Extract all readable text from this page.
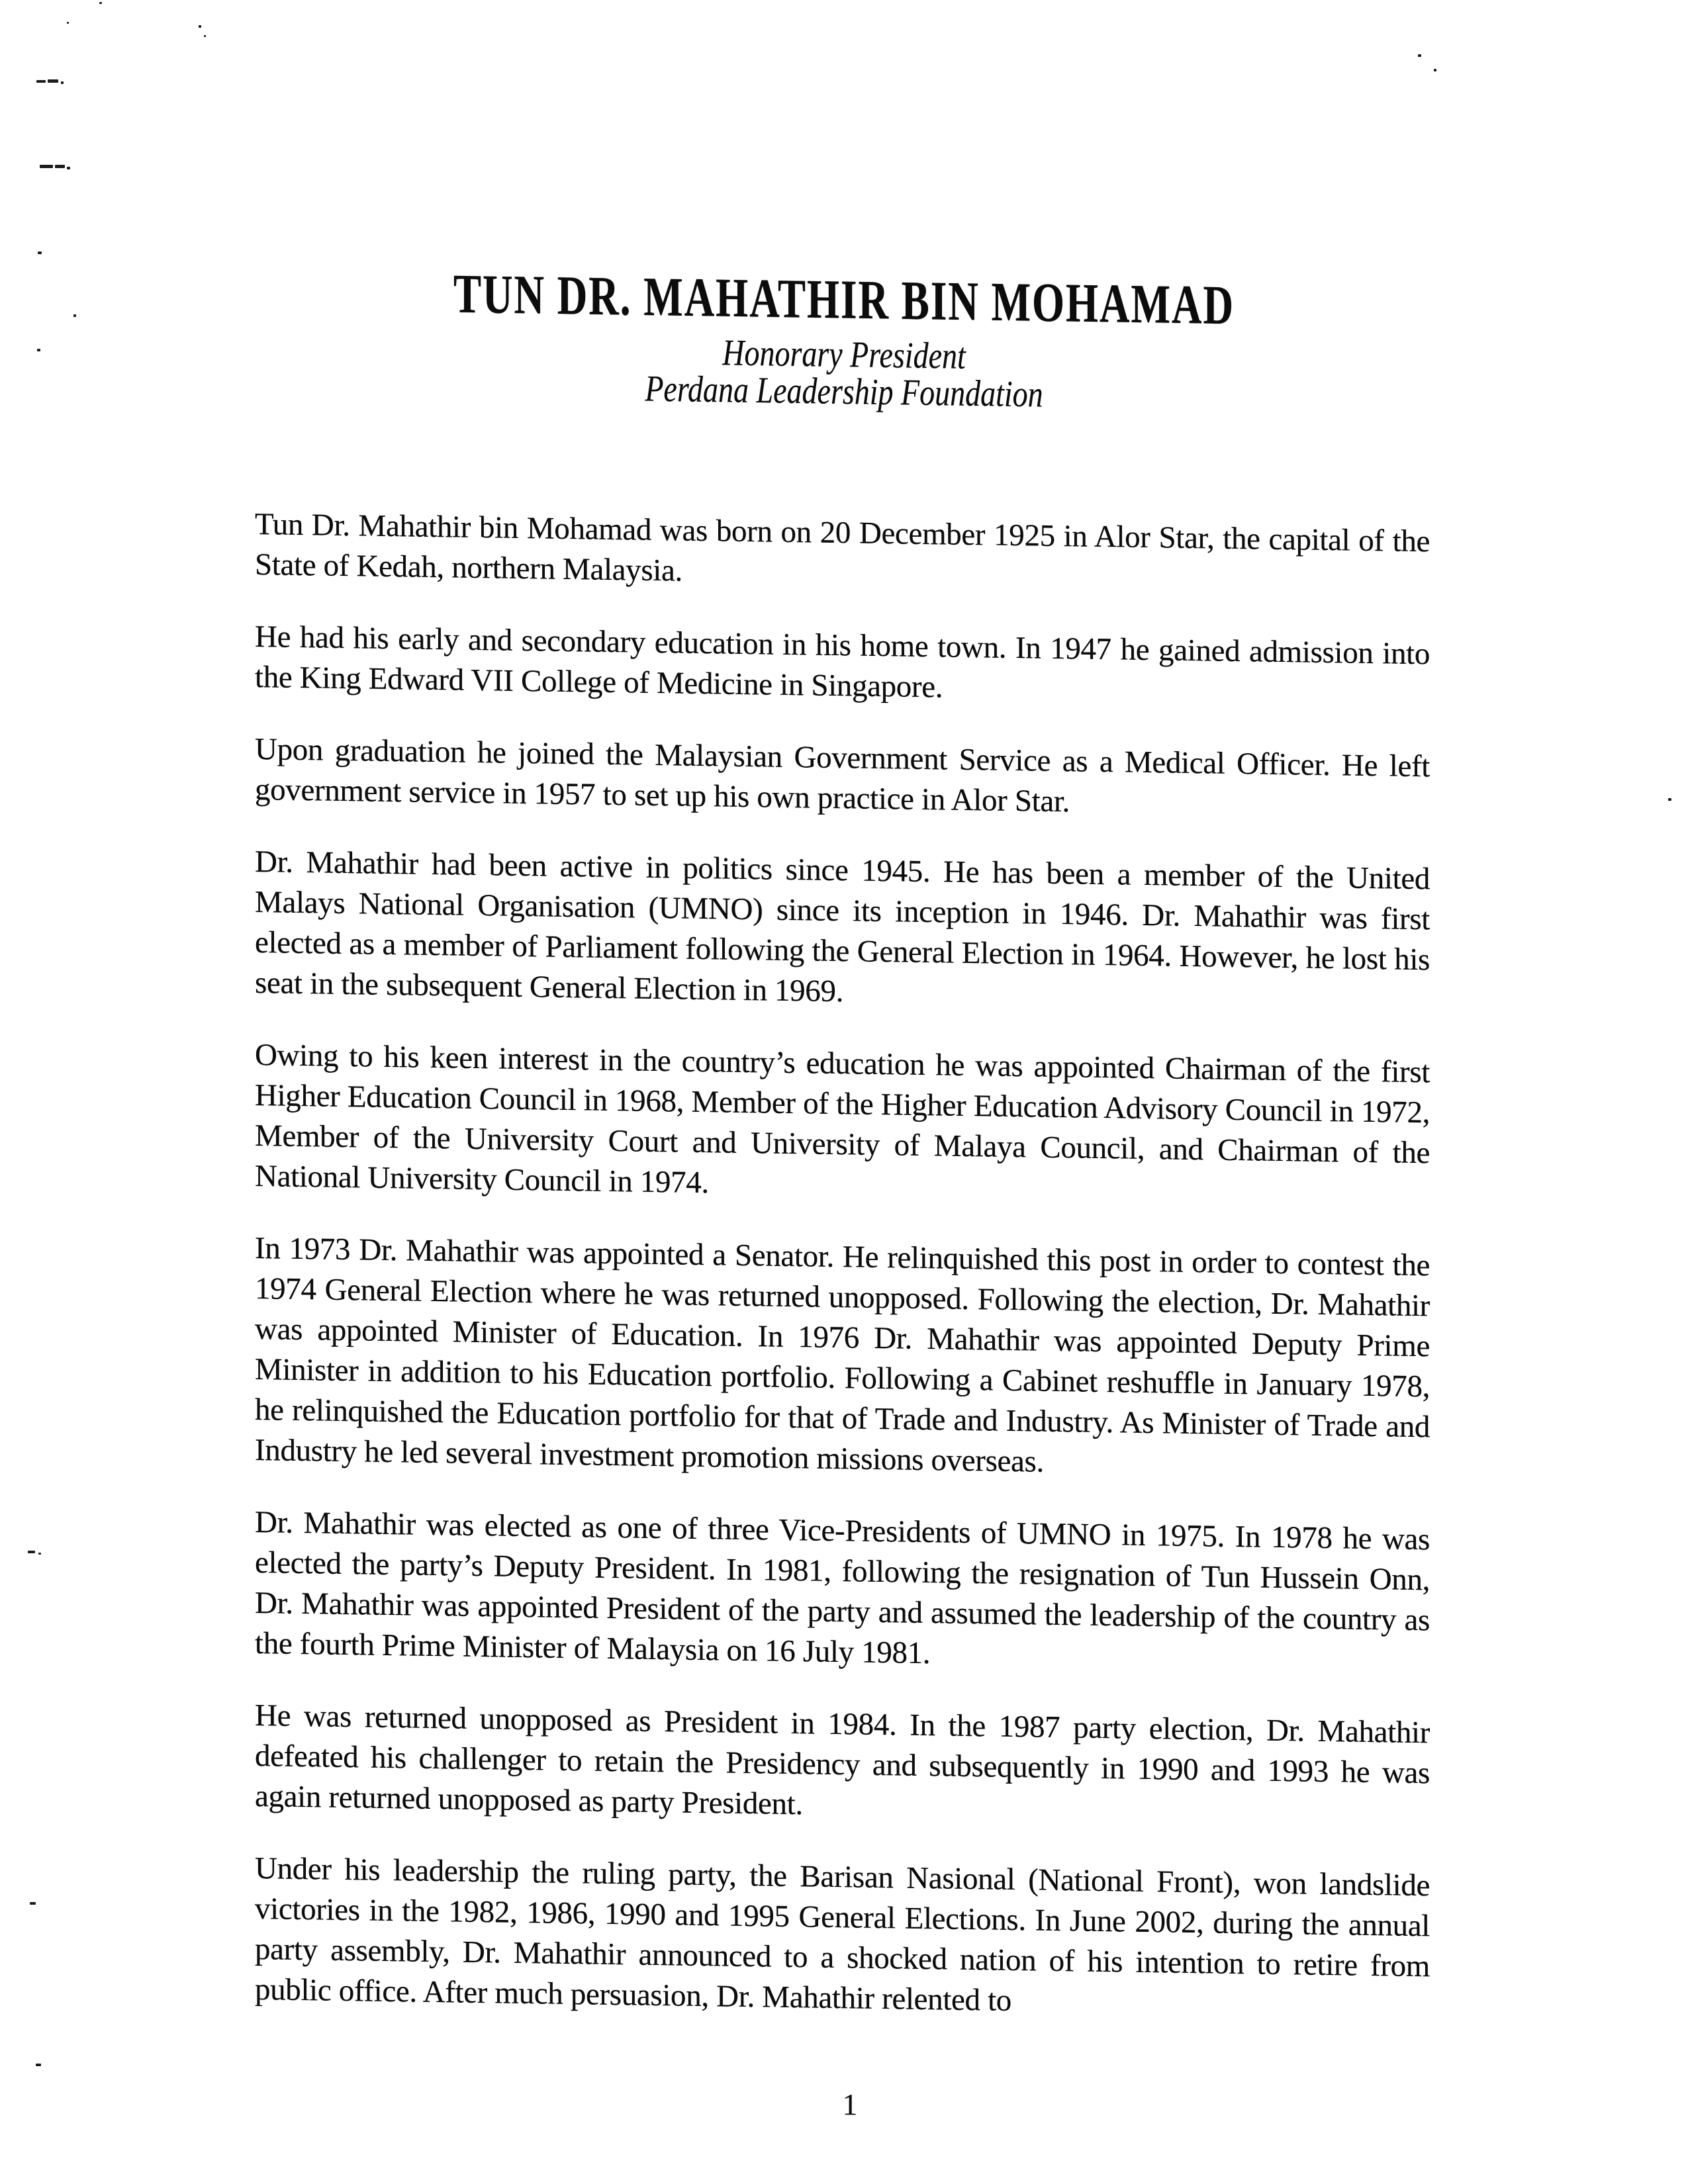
TUN DR. MAHATHIR BIN MOHAMAD
Honorary President
Perdana Leadership Foundation

Tun Dr. Mahathir bin Mohamad was born on 20 December 1925 in Alor Star, the capital of the State of Kedah, northern Malaysia.

He had his early and secondary education in his home town. In 1947 he gained admission into the King Edward VII College of Medicine in Singapore.

Upon graduation he joined the Malaysian Government Service as a Medical Officer. He left government service in 1957 to set up his own practice in Alor Star.

Dr. Mahathir had been active in politics since 1945. He has been a member of the United Malays National Organisation (UMNO) since its inception in 1946. Dr. Mahathir was first elected as a member of Parliament following the General Election in 1964. However, he lost his seat in the subsequent General Election in 1969.

Owing to his keen interest in the country’s education he was appointed Chairman of the first Higher Education Council in 1968, Member of the Higher Education Advisory Council in 1972, Member of the University Court and University of Malaya Council, and Chairman of the National University Council in 1974.

In 1973 Dr. Mahathir was appointed a Senator. He relinquished this post in order to contest the 1974 General Election where he was returned unopposed. Following the election, Dr. Mahathir was appointed Minister of Education. In 1976 Dr. Mahathir was appointed Deputy Prime Minister in addition to his Education portfolio. Following a Cabinet reshuffle in January 1978, he relinquished the Education portfolio for that of Trade and Industry. As Minister of Trade and Industry he led several investment promotion missions overseas.

Dr. Mahathir was elected as one of three Vice-Presidents of UMNO in 1975. In 1978 he was elected the party’s Deputy President. In 1981, following the resignation of Tun Hussein Onn, Dr. Mahathir was appointed President of the party and assumed the leadership of the country as the fourth Prime Minister of Malaysia on 16 July 1981.

He was returned unopposed as President in 1984. In the 1987 party election, Dr. Mahathir defeated his challenger to retain the Presidency and subsequently in 1990 and 1993 he was again returned unopposed as party President.

Under his leadership the ruling party, the Barisan Nasional (National Front), won landslide victories in the 1982, 1986, 1990 and 1995 General Elections. In June 2002, during the annual party assembly, Dr. Mahathir announced to a shocked nation of his intention to retire from public office. After much persuasion, Dr. Mahathir relented to

1
